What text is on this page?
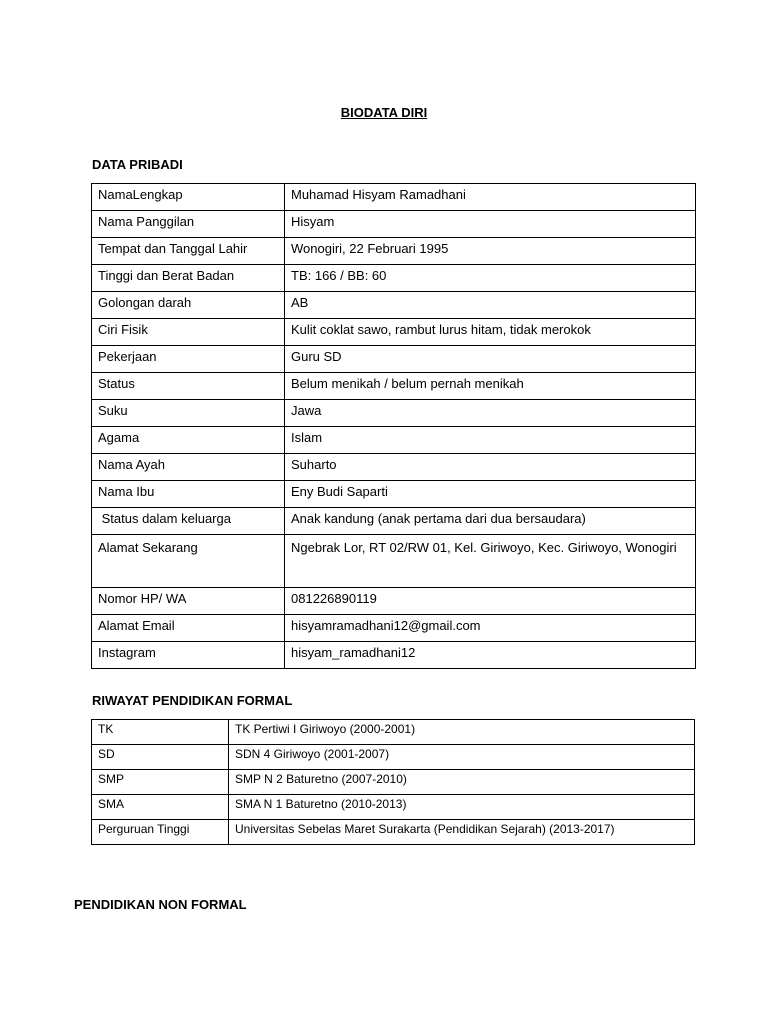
BIODATA DIRI
DATA PRIBADI
NamaLengkap	Muhamad Hisyam Ramadhani
Nama Panggilan	Hisyam
Tempat dan Tanggal Lahir	Wonogiri, 22 Februari 1995
Tinggi dan Berat Badan	TB: 166 / BB: 60
Golongan darah	AB
Ciri Fisik	Kulit coklat sawo, rambut lurus hitam, tidak merokok
Pekerjaan	Guru SD
Status	Belum menikah / belum pernah menikah
Suku	Jawa
Agama	Islam
Nama Ayah	Suharto
Nama Ibu	Eny Budi Saparti
Status dalam keluarga	Anak kandung (anak pertama dari dua bersaudara)
Alamat Sekarang	Ngebrak Lor, RT 02/RW 01, Kel. Giriwoyo, Kec. Giriwoyo, Wonogiri
Nomor HP/ WA	081226890119
Alamat Email	hisyamramadhani12@gmail.com
Instagram	hisyam_ramadhani12
RIWAYAT PENDIDIKAN FORMAL
TK	TK Pertiwi I Giriwoyo (2000-2001)
SD	SDN 4 Giriwoyo (2001-2007)
SMP	SMP N 2 Baturetno (2007-2010)
SMA	SMA N 1 Baturetno (2010-2013)
Perguruan Tinggi	Universitas Sebelas Maret Surakarta (Pendidikan Sejarah) (2013-2017)
PENDIDIKAN NON FORMAL
